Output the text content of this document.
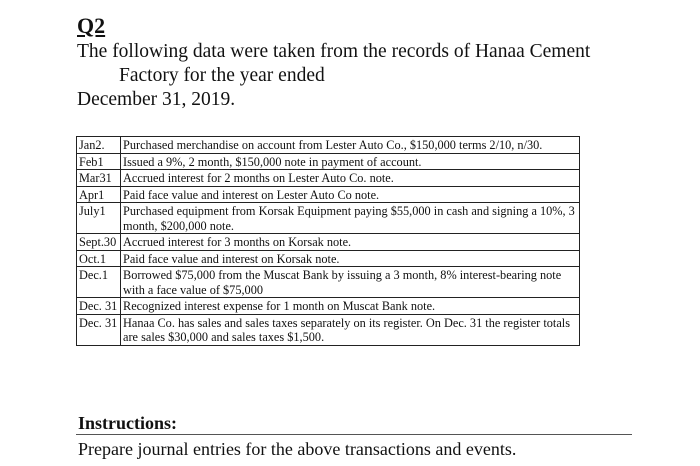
Q2
The following data were taken from the records of Hanaa Cement
Factory for the year ended
December 31, 2019.
Jan2.	Purchased merchandise on account from Lester Auto Co., $150,000 terms 2/10, n/30.
Feb1	Issued a 9%, 2 month, $150,000 note in payment of account.
Mar31	Accrued interest for 2 months on Lester Auto Co. note.
Apr1	Paid face value and interest on Lester Auto Co note.
July1	Purchased equipment from Korsak Equipment paying $55,000 in cash and signing a 10%, 3 month, $200,000 note.
Sept.30	Accrued interest for 3 months on Korsak note.
Oct.1	Paid face value and interest on Korsak note.
Dec.1	Borrowed $75,000 from the Muscat Bank by issuing a 3 month, 8% interest-bearing note with a face value of $75,000
Dec. 31	Recognized interest expense for 1 month on Muscat Bank note.
Dec. 31	Hanaa Co. has sales and sales taxes separately on its register. On Dec. 31 the register totals are sales $30,000 and sales taxes $1,500.
Instructions:
Prepare journal entries for the above transactions and events.
